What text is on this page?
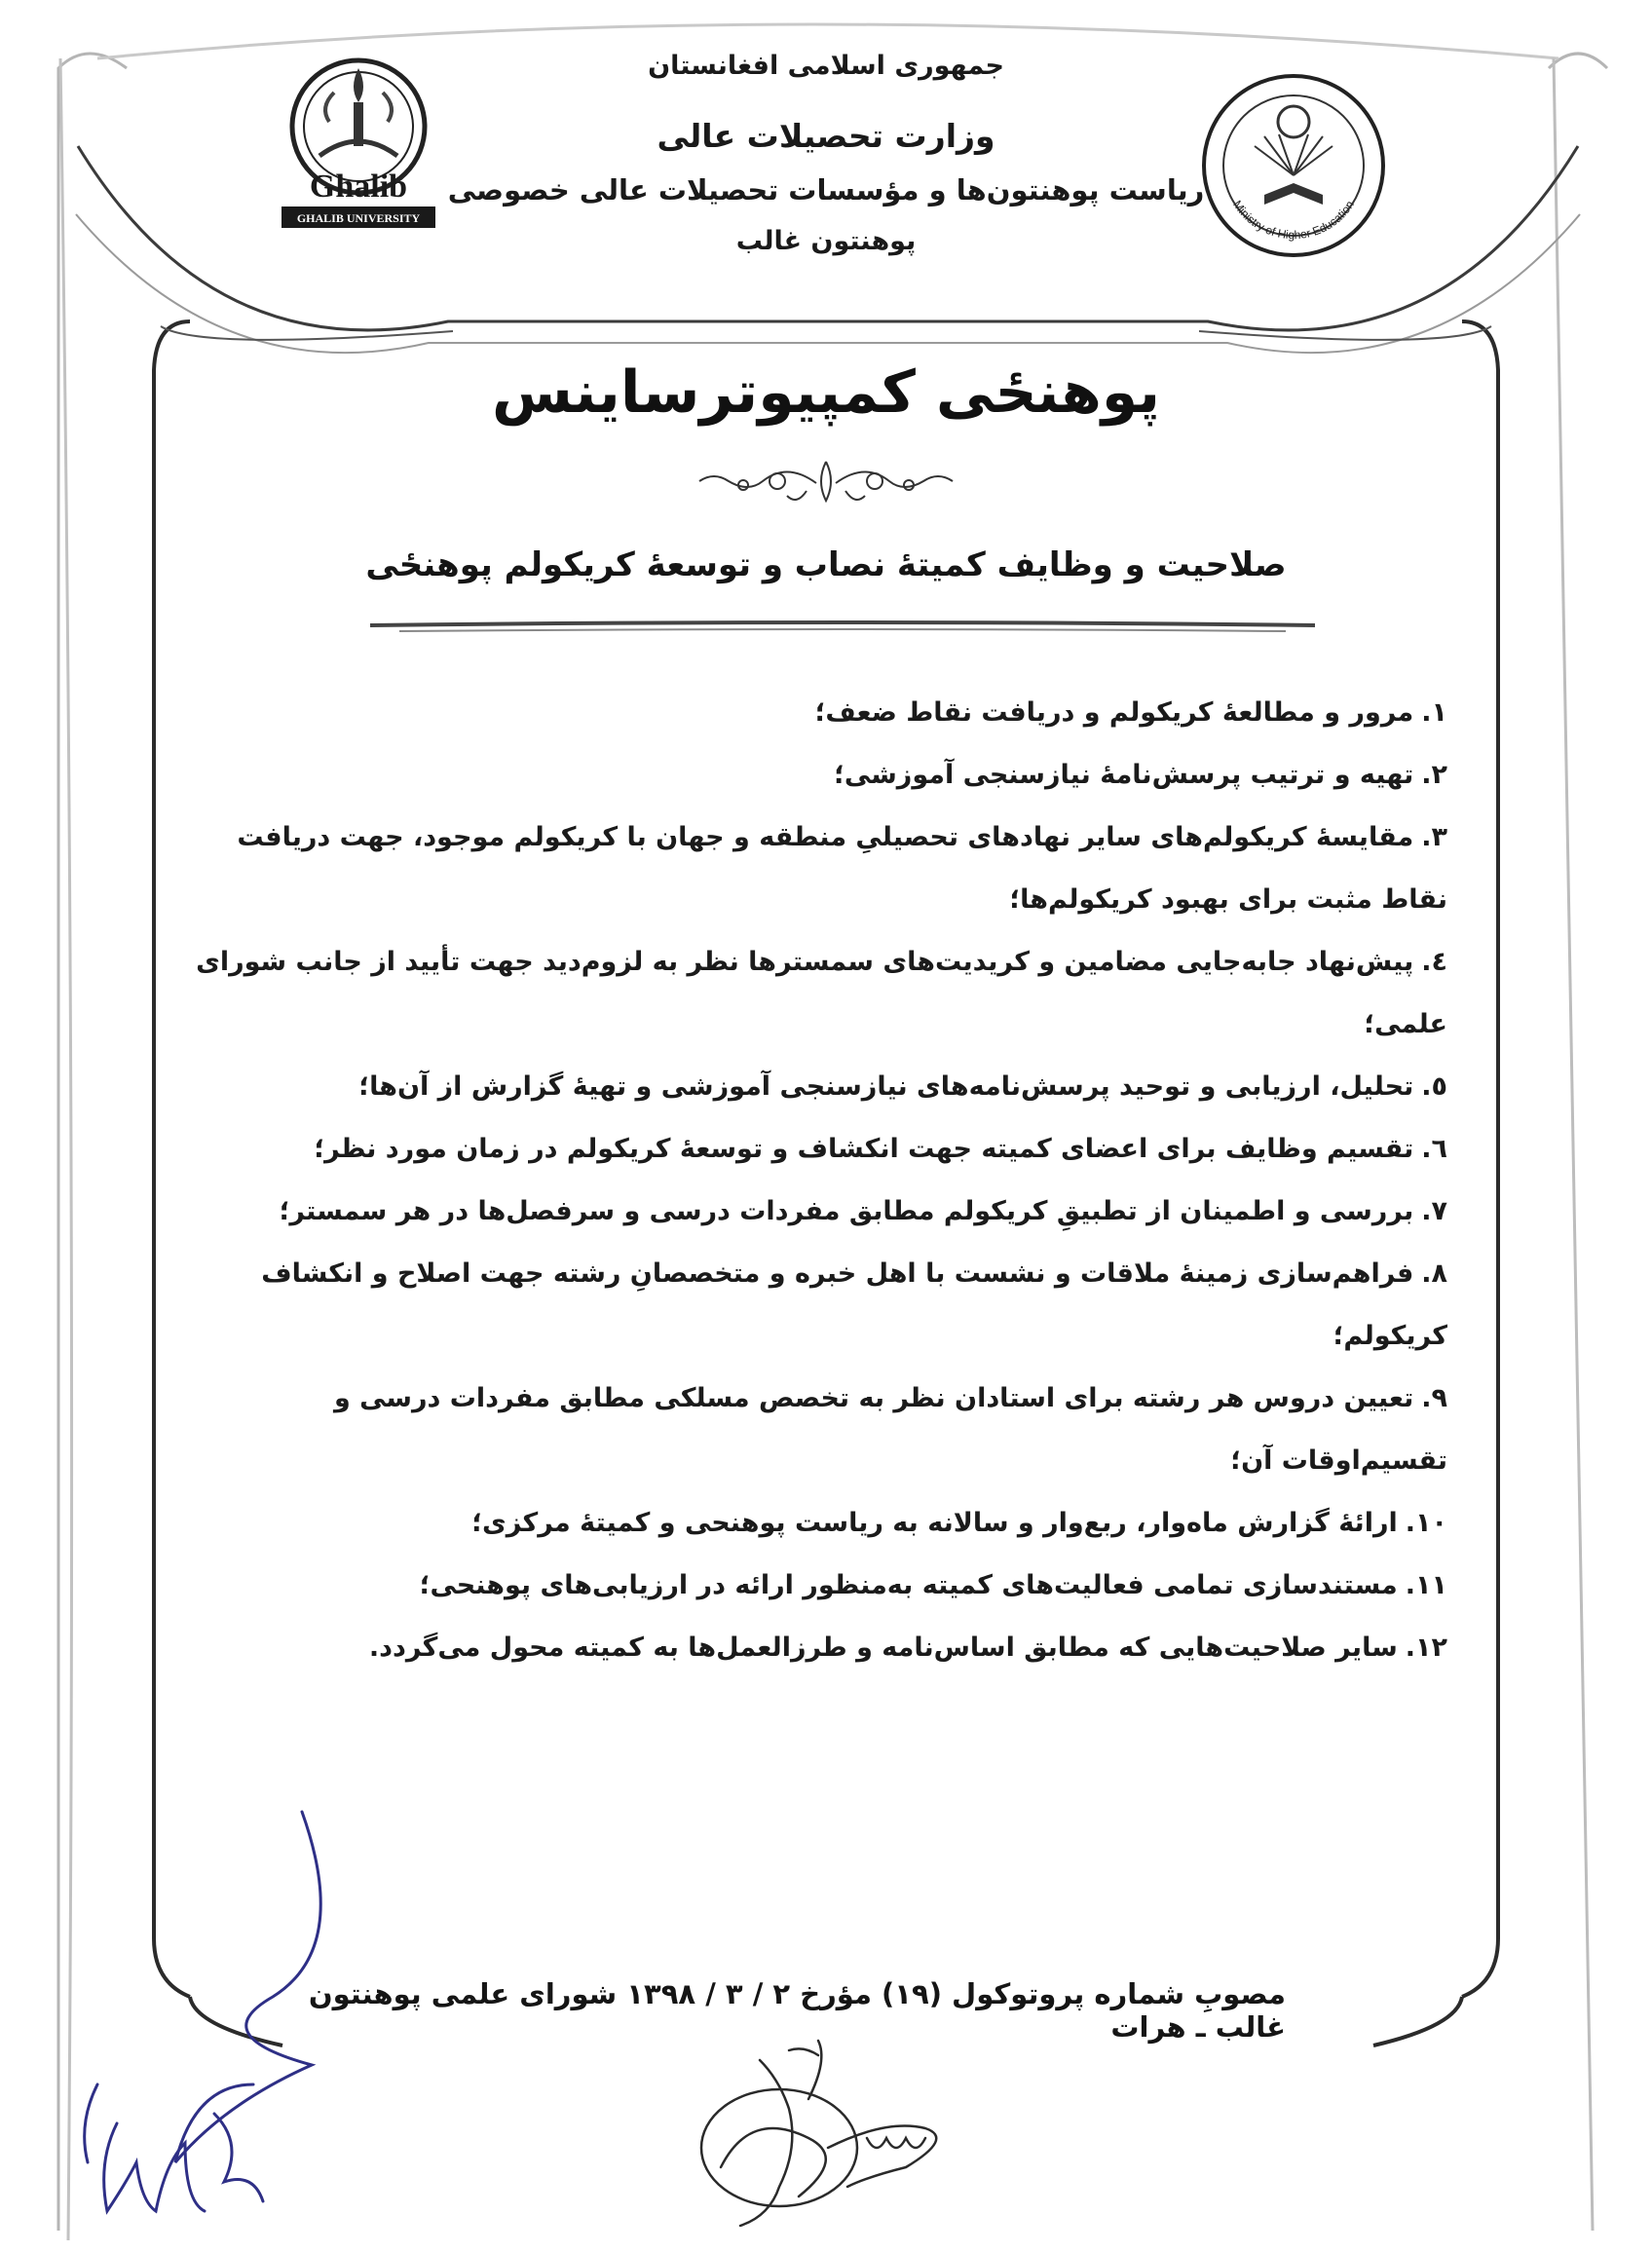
Ghalib
GHALIB UNIVERSITY
Ministry of Higher Education
جمهوری اسلامی افغانستان
وزارت تحصیلات عالی
ریاست پوهنتون‌ها و مؤسسات تحصیلات عالی خصوصی
پوهنتون غالب
پوهنځی کمپیوترساینس
صلاحیت و وظایف کمیتهٔ نصاب و توسعهٔ کریکولم پوهنځی
۱.مرور و مطالعهٔ کریکولم و دریافت نقاط ضعف؛
۲.تهیه و ترتیب پرسش‌نامهٔ نیازسنجی آموزشی؛
۳.مقایسهٔ کریکولم‌های سایر نهادهای تحصیلیِ منطقه و جهان با کریکولم موجود، جهت دریافت نقاط مثبت برای بهبود کریکولم‌ها؛
٤.پیش‌نهاد جابه‌جایی مضامین و کریدیت‌های سمسترها نظر به لزوم‌دید جهت تأیید از جانب شورای علمی؛
٥.تحلیل، ارزیابی و توحید پرسش‌نامه‌های نیازسنجی آموزشی و تهیهٔ گزارش از آن‌ها؛
٦.تقسیم وظایف برای اعضای کمیته جهت انکشاف و توسعهٔ کریکولم در زمان مورد نظر؛
۷.بررسی و اطمینان از تطبیقِ کریکولم مطابق مفردات درسی و سرفصل‌ها در هر سمستر؛
۸.فراهم‌سازی زمینهٔ ملاقات و نشست با اهل خبره و متخصصانِ رشته جهت اصلاح و انکشاف کریکولم؛
۹.تعیین دروس هر رشته برای استادان نظر به تخصص مسلکی مطابق مفردات درسی و تقسیم‌اوقات آن؛
۱۰.ارائهٔ گزارش ماه‌وار، ربع‌وار و سالانه به ریاست پوهنحی و کمیتهٔ مرکزی؛
۱۱.مستندسازی تمامی فعالیت‌های کمیته به‌منظور ارائه در ارزیابی‌های پوهنحی؛
۱۲.سایر صلاحیت‌هایی که مطابق اساس‌نامه و طرزالعمل‌ها به کمیته محول می‌گردد.
مصوبِ شماره پروتوکول (۱۹) مؤرخ ۲ / ۳ / ۱۳۹۸ شورای علمی پوهنتون غالب ـ هرات
